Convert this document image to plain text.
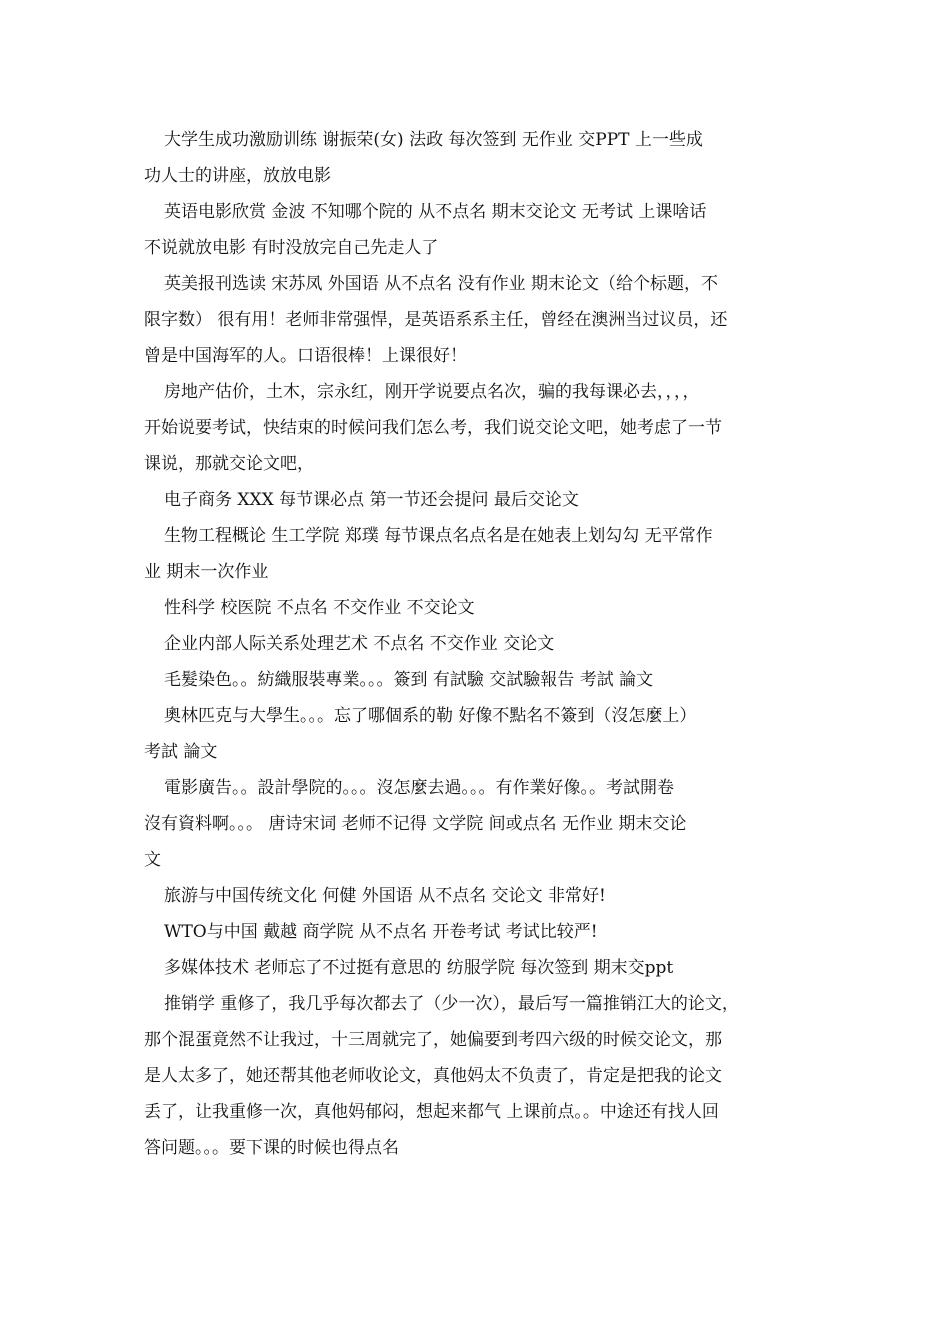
大学生成功激励训练 谢振荣(女) 法政 每次签到 无作业 交PPT 上一些成
功人士的讲座，放放电影
英语电影欣赏 金波 不知哪个院的 从不点名 期末交论文 无考试 上课啥话
不说就放电影 有时没放完自己先走人了
英美报刊选读 宋苏凤 外国语 从不点名 没有作业 期末论文（给个标题，不
限字数） 很有用！老师非常强悍，是英语系系主任，曾经在澳洲当过议员，还
曾是中国海军的人。口语很棒！上课很好！
房地产估价，土木，宗永红，刚开学说要点名次，骗的我每课必去，，，，
开始说要考试，快结束的时候问我们怎么考，我们说交论文吧，她考虑了一节
课说，那就交论文吧，
电子商务 XXX 每节课必点 第一节还会提问 最后交论文
生物工程概论 生工学院 郑璞 每节课点名点名是在她表上划勾勾 无平常作
业 期末一次作业
性科学 校医院 不点名 不交作业 不交论文
企业内部人际关系处理艺术 不点名 不交作业 交论文
毛髮染色。。紡織服裝專業。。。簽到 有試驗 交試驗報告 考試 論文
奧林匹克与大學生。。。忘了哪個系的勒 好像不點名不簽到（沒怎麼上）
考試 論文
電影廣告。。設計學院的。。。沒怎麼去過。。。有作業好像。。考試開卷
沒有資料啊。。。 唐诗宋词 老师不记得 文学院 间或点名 无作业 期末交论
文
旅游与中国传统文化 何健 外国语 从不点名 交论文 非常好!
WTO与中国 戴越 商学院 从不点名 开卷考试 考试比较严!
多媒体技术 老师忘了不过挺有意思的 纺服学院 每次签到 期末交ppt
推销学 重修了，我几乎每次都去了（少一次），最后写一篇推销江大的论文，
那个混蛋竟然不让我过，十三周就完了，她偏要到考四六级的时候交论文，那
是人太多了，她还帮其他老师收论文，真他妈太不负责了，肯定是把我的论文
丢了，让我重修一次，真他妈郁闷，想起来都气 上课前点。。中途还有找人回
答问题。。。要下课的时候也得点名
